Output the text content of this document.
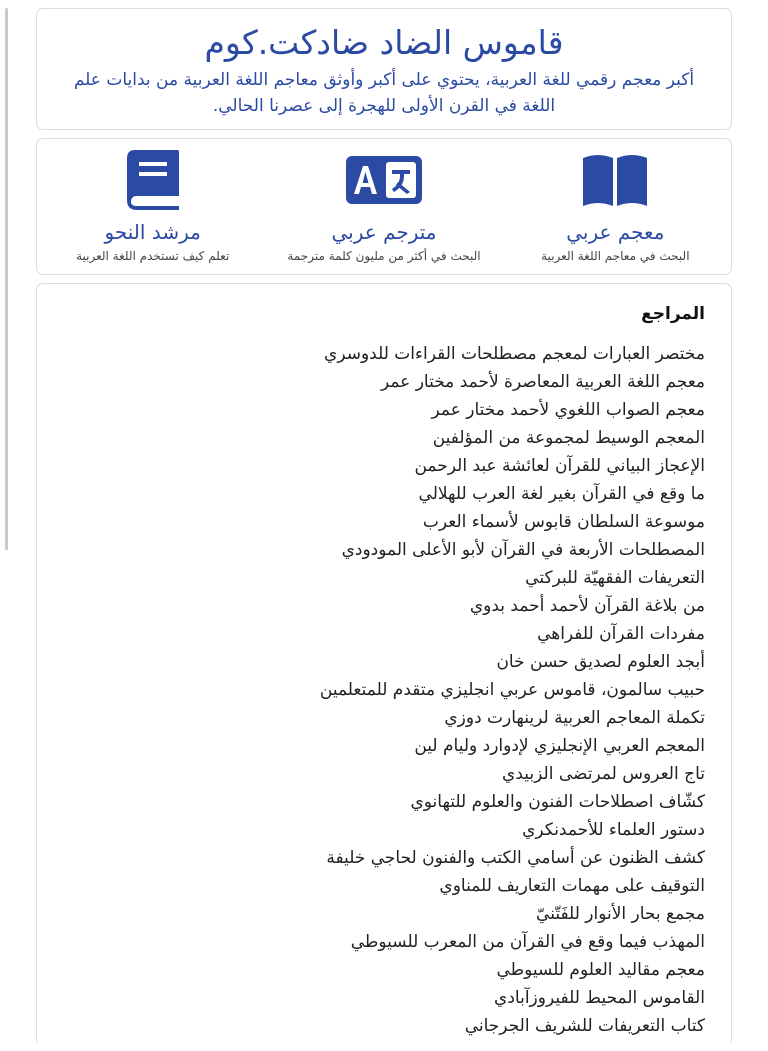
قاموس الضاد ضادكت.كوم
أكبر معجم رقمي للغة العربية، يحتوي على أكبر وأوثق معاجم اللغة العربية من بدايات علم اللغة في القرن الأولى للهجرة إلى عصرنا الحالي.
معجم عربي
البحث في معاجم اللغة العربية
مترجم عربي
البحث في أكثر من مليون كلمة مترجمة
مرشد النحو
تعلم كيف تستخدم اللغة العربية
المراجع
مختصر العبارات لمعجم مصطلحات القراءات للدوسري
معجم اللغة العربية المعاصرة لأحمد مختار عمر
معجم الصواب اللغوي لأحمد مختار عمر
المعجم الوسيط لمجموعة من المؤلفين
الإعجاز البياني للقرآن لعائشة عبد الرحمن
ما وقع في القرآن بغير لغة العرب للهلالي
موسوعة السلطان قابوس لأسماء العرب
المصطلحات الأربعة في القرآن لأبو الأعلى المودودي
التعريفات الفقهيّة للبركتي
من بلاغة القرآن لأحمد أحمد بدوي
مفردات القرآن للفراهي
أبجد العلوم لصديق حسن خان
حبيب سالمون، قاموس عربي انجليزي متقدم للمتعلمين
تكملة المعاجم العربية لرينهارت دوزي
المعجم العربي الإنجليزي لإدوارد وليام لين
تاج العروس لمرتضى الزبيدي
كشّاف اصطلاحات الفنون والعلوم للتهانوي
دستور العلماء للأحمدنكري
كشف الظنون عن أسامي الكتب والفنون لحاجي خليفة
التوقيف على مهمات التعاريف للمناوي
مجمع بحار الأنوار للفَتّنيّ
المهذب فيما وقع في القرآن من المعرب للسيوطي
معجم مقاليد العلوم للسيوطي
القاموس المحيط للفيروزآبادي
كتاب التعريفات للشريف الجرجاني
